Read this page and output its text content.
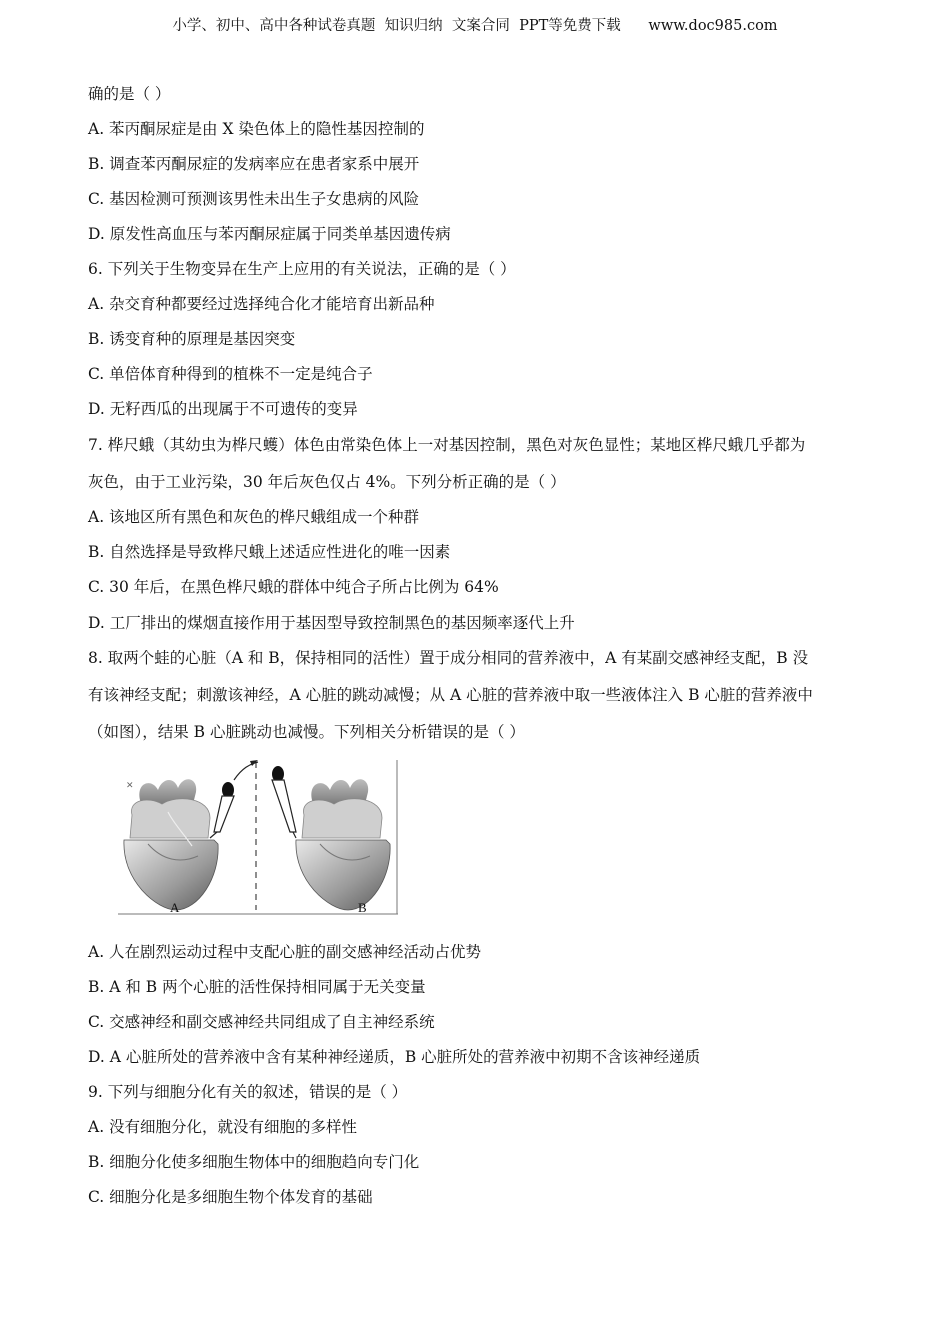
小学、初中、高中各种试卷真题  知识归纳  文案合同  PPT等免费下载      www.doc985.com
确的是（ ）
A. 苯丙酮尿症是由 X 染色体上的隐性基因控制的
B. 调查苯丙酮尿症的发病率应在患者家系中展开
C. 基因检测可预测该男性未出生子女患病的风险
D. 原发性高血压与苯丙酮尿症属于同类单基因遗传病
6. 下列关于生物变异在生产上应用的有关说法，正确的是（ ）
A. 杂交育种都要经过选择纯合化才能培育出新品种
B. 诱变育种的原理是基因突变
C. 单倍体育种得到的植株不一定是纯合子
D. 无籽西瓜的出现属于不可遗传的变异
7. 桦尺蛾（其幼虫为桦尺蠖）体色由常染色体上一对基因控制，黑色对灰色显性；某地区桦尺蛾几乎都为
灰色，由于工业污染，30 年后灰色仅占 4%。下列分析正确的是（ ）
A. 该地区所有黑色和灰色的桦尺蛾组成一个种群
B. 自然选择是导致桦尺蛾上述适应性进化的唯一因素
C. 30 年后，在黑色桦尺蛾的群体中纯合子所占比例为 64%
D. 工厂排出的煤烟直接作用于基因型导致控制黑色的基因频率逐代上升
8. 取两个蛙的心脏（A 和 B，保持相同的活性）置于成分相同的营养液中，A 有某副交感神经支配，B 没
有该神经支配；刺激该神经，A 心脏的跳动减慢；从 A 心脏的营养液中取一些液体注入 B 心脏的营养液中
（如图），结果 B 心脏跳动也减慢。下列相关分析错误的是（ ）
✕
A	B
A. 人在剧烈运动过程中支配心脏的副交感神经活动占优势
B. A 和 B 两个心脏的活性保持相同属于无关变量
C. 交感神经和副交感神经共同组成了自主神经系统
D. A 心脏所处的营养液中含有某种神经递质，B 心脏所处的营养液中初期不含该神经递质
9. 下列与细胞分化有关的叙述，错误的是（ ）
A. 没有细胞分化，就没有细胞的多样性
B. 细胞分化使多细胞生物体中的细胞趋向专门化
C. 细胞分化是多细胞生物个体发育的基础
